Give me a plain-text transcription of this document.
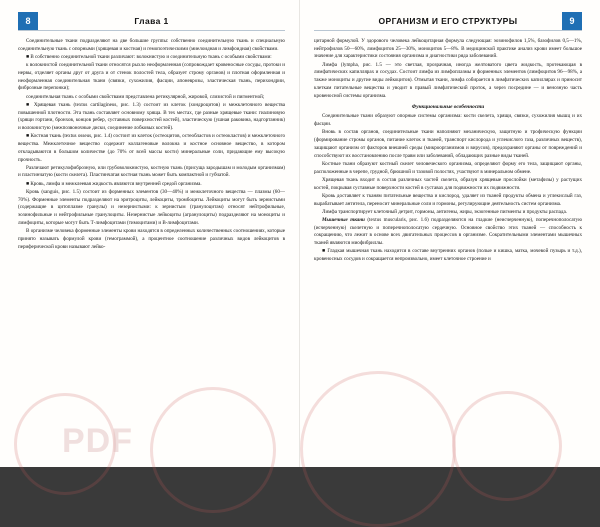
8	Глава 1

Соединительные ткани подразделяют на две большие группы: собственно соединительную ткань и специальную соединительную ткань с опорными (хрящевая и костная) и гемопоэтическими (миелоидная и лимфоидная) свойствами.

■ В собственно соединительной ткани различают: волокнистую и соединительную ткань с особыми свойствами:

к волокнистой соединительной ткани относятся рыхло неоформленная (сопровождает кровеносные сосуды, протоки и нервы, отделяет органы друг от друга и от стенок полостей тела, образует строму органов) и плотная оформленная и неоформленная соединительная ткани (связки, сухожилия, фасции, апоневрозы, эластическая ткань, перихондрии, фиброзные перепонки);

соединительная ткань с особыми свойствами представлена ретикулярной, жировой, слизистой и пигментной;

■ Хрящевая ткань (textus cartilagineus, рис. 1.3) состоит из клеток (хондроцитов) и межклеточного вещества повышенной плотности. Эта ткань составляет основному хряща. В тех местах, где разные хрящевые ткани: гиалиновую (хрящи гортани, бронхов, концов ребер, суставных поверхностей костей), эластическую (ушная раковина, надгортанник) и волокнистую (межпозвоночные диски, соединение лобковых костей).

■ Костная ткань (textus osseus, рис. 1.4) состоит из клеток (остеоцитов, остеобластов и остеокластов) и межклеточного вещества. Межклеточное вещество содержит коллагеновые волокна и костное основное вещество, в котором откладываются в большом количестве (до 70% от всей массы кости) минеральные соли, придающие ему высокую прочность.

Различают ретикулофиброзную, или грубоволокнистую, костную ткань (присуща зародышам и молодым организмам) и пластинчатую (кости скелета). Пластинчатая костная ткань может быть компактной и губчатой.

■ Кровь, лимфа и межклеевая жидкость являются внутренней средой организма.

Кровь (sanguis, рис. 1.5) состоит из форменных элементов (30—40%) и межклеточного вещества — плазмы (60—70%). Форменные элементы подразделяют на эритроциты, лейкоциты, тромбоциты. Лейкоциты могут быть зернистыми (содержащие в цитоплазме гранулы) и незернистыми: к зернистым (гранулоцитам) относят нейтрофильные, эозинофильные и нейтрофильные гранулоциты. Незернистые лейкоциты (агранулоциты) подразделяют на моноциты и лимфоциты, которые могут быть Т-лимфоцитами (тимоцитами) и В-лимфоцитами.

В организме человека форменные элементы крови находятся в определенных количественных соотношениях, которые принято называть формулой крови (гемограммой), а процентное соотношение различных видов лейкоцитов в периферической крови называют лейко-

ОРГАНИЗМ И ЕГО СТРУКТУРЫ	9

цитарной формулой. У здорового человека лейкоцитарная формула следующая: эозинофилов 1,5%, базофилов 0,5—1%, нейтрофилов 50—60%, лимфоцитов 25—30%, моноцитов 5—8%. В медицинской практике анализ крови имеет большое значение для характеристики состояния организма и диагностики ряда заболеваний.

Лимфа (lympha, рис. 1.5 — это светлая, прозрачная, иногда желтоватого цвета жидкость, протекающая в лимфатических капиллярах и сосудах. Состоит лимфа из лимфоплазмы и форменных элементов (лимфоцитов 96—98%, а также моноциты и другие виды лейкоцитов). Отмытая ткани, лимфа собирается в лимфатических капиллярах и приносит клеткам питательные вещества и уводит в правый лимфатический проток, а через посредине — и венозную часть кровеносной системы организма.

Функциональные особенности

Соединительные ткани образуют опорные системы организма: кости скелета, хрящи, связки, сухожилия мышц и их фасции.

Вновь в состав органов, соединительные ткани наполняют механическую, защитную и трофическую функции (формирование стромы органов, питание клеток и тканей, транспорт кислорода и углекислого газа, различных веществ), защищают организм от факторов внешней среды (микроорганизмов и вирусов), предохраняют органы от повреждений и способствуют их восстановлению после травм или заболеваний, обладающих разные виды тканей.

Костные ткани образуют костный скелет человеческого организма, определяют форму его тела, защищают органы, расположенные в черепе, грудной, брюшной и тазовой полостях, участвуют в минеральном обмене.

Хрящевая ткань входит в состав различных частей скелета, образуя хрящевые прослойки (метафизы) у растущих костей, покрывая суставные поверхности костей в суставах для подвижности их подвижности.

Кровь доставляет к тканям питательные вещества и кислород, удаляет из тканей продукты обмена и углекислый газ, вырабатывает антитела, переносит минеральные соли и гормоны, регулирующие деятельность систем организма.

Лимфа транспортирует клеточный детрит, гормоны, антигены, жиры, экзогенные пигменты и продукты распада.

Мышечные ткани (textus muscularis, рис. 1.6) подразделяются на гладкие (неисчерченную), поперечнополосатую (исчерченную) скелетную и поперечнополосатую сердечную. Основное свойство этих тканей — способность к сокращению, что лежит в основе всех двигательных процессов в организме. Сократительными элементами мышечных тканей являются миофибриллы.

■ Гладкая мышечная ткань находится в составе внутренних органов (полые и кишка, матка, мочевой пузырь и т.д.), кровеносных сосудов и сокращается непроизвольно, имеет клеточное строение и

PDF
